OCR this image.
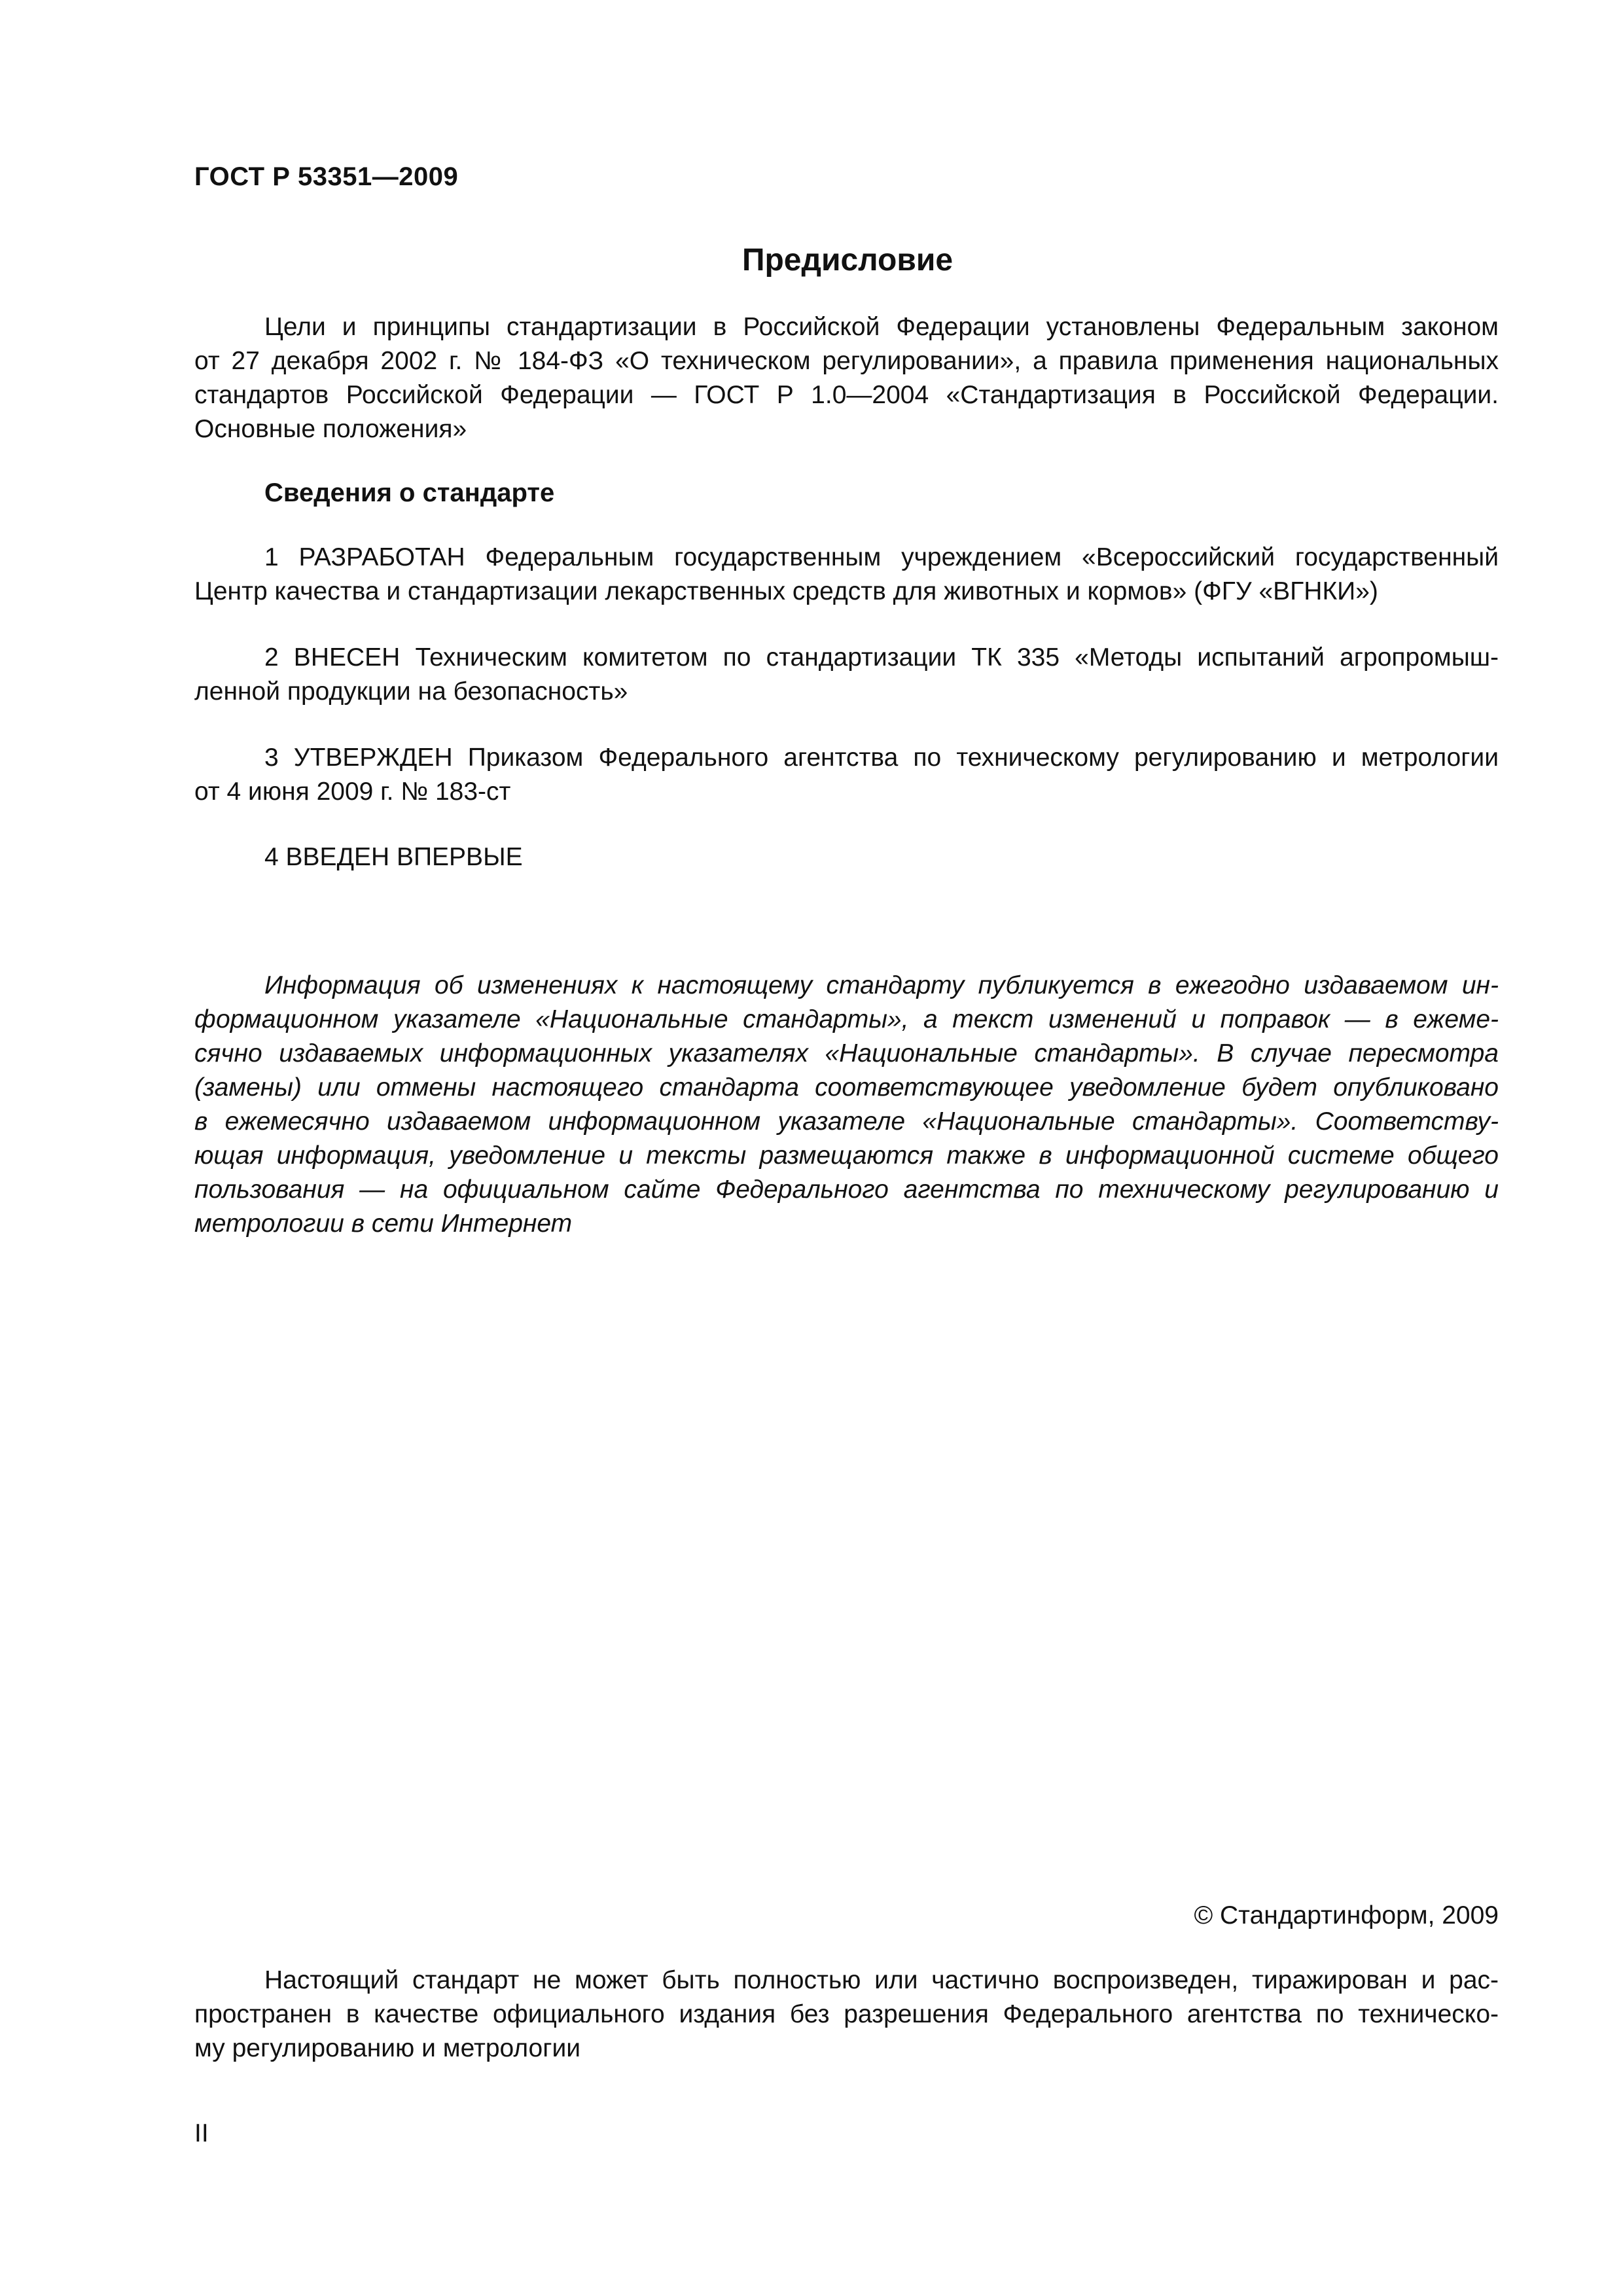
ГОСТ Р 53351—2009
Предисловие
Цели и принципы стандартизации в Российской Федерации установлены Федеральным законом
от 27 декабря 2002 г. № 184-ФЗ «О техническом регулировании», а правила применения национальных
стандартов Российской Федерации — ГОСТ Р 1.0—2004 «Стандартизация в Российской Федерации.
Основные положения»
Сведения о стандарте
1 РАЗРАБОТАН Федеральным государственным учреждением «Всероссийский государственный
Центр качества и стандартизации лекарственных средств для животных и кормов» (ФГУ «ВГНКИ»)
2 ВНЕСЕН Техническим комитетом по стандартизации ТК 335 «Методы испытаний агропромыш-
ленной продукции на безопасность»
3 УТВЕРЖДЕН Приказом Федерального агентства по техническому регулированию и метрологии
от 4 июня 2009 г. № 183-ст
4 ВВЕДЕН ВПЕРВЫЕ
Информация об изменениях к настоящему стандарту публикуется в ежегодно издаваемом ин-
формационном указателе «Национальные стандарты», а текст изменений и поправок — в ежеме-
сячно издаваемых информационных указателях «Национальные стандарты». В случае пересмотра
(замены) или отмены настоящего стандарта соответствующее уведомление будет опубликовано
в ежемесячно издаваемом информационном указателе «Национальные стандарты». Соответству-
ющая информация, уведомление и тексты размещаются также в информационной системе общего
пользования — на официальном сайте Федерального агентства по техническому регулированию и
метрологии в сети Интернет
© Стандартинформ, 2009
Настоящий стандарт не может быть полностью или частично воспроизведен, тиражирован и рас-
пространен в качестве официального издания без разрешения Федерального агентства по техническо-
му регулированию и метрологии
II
